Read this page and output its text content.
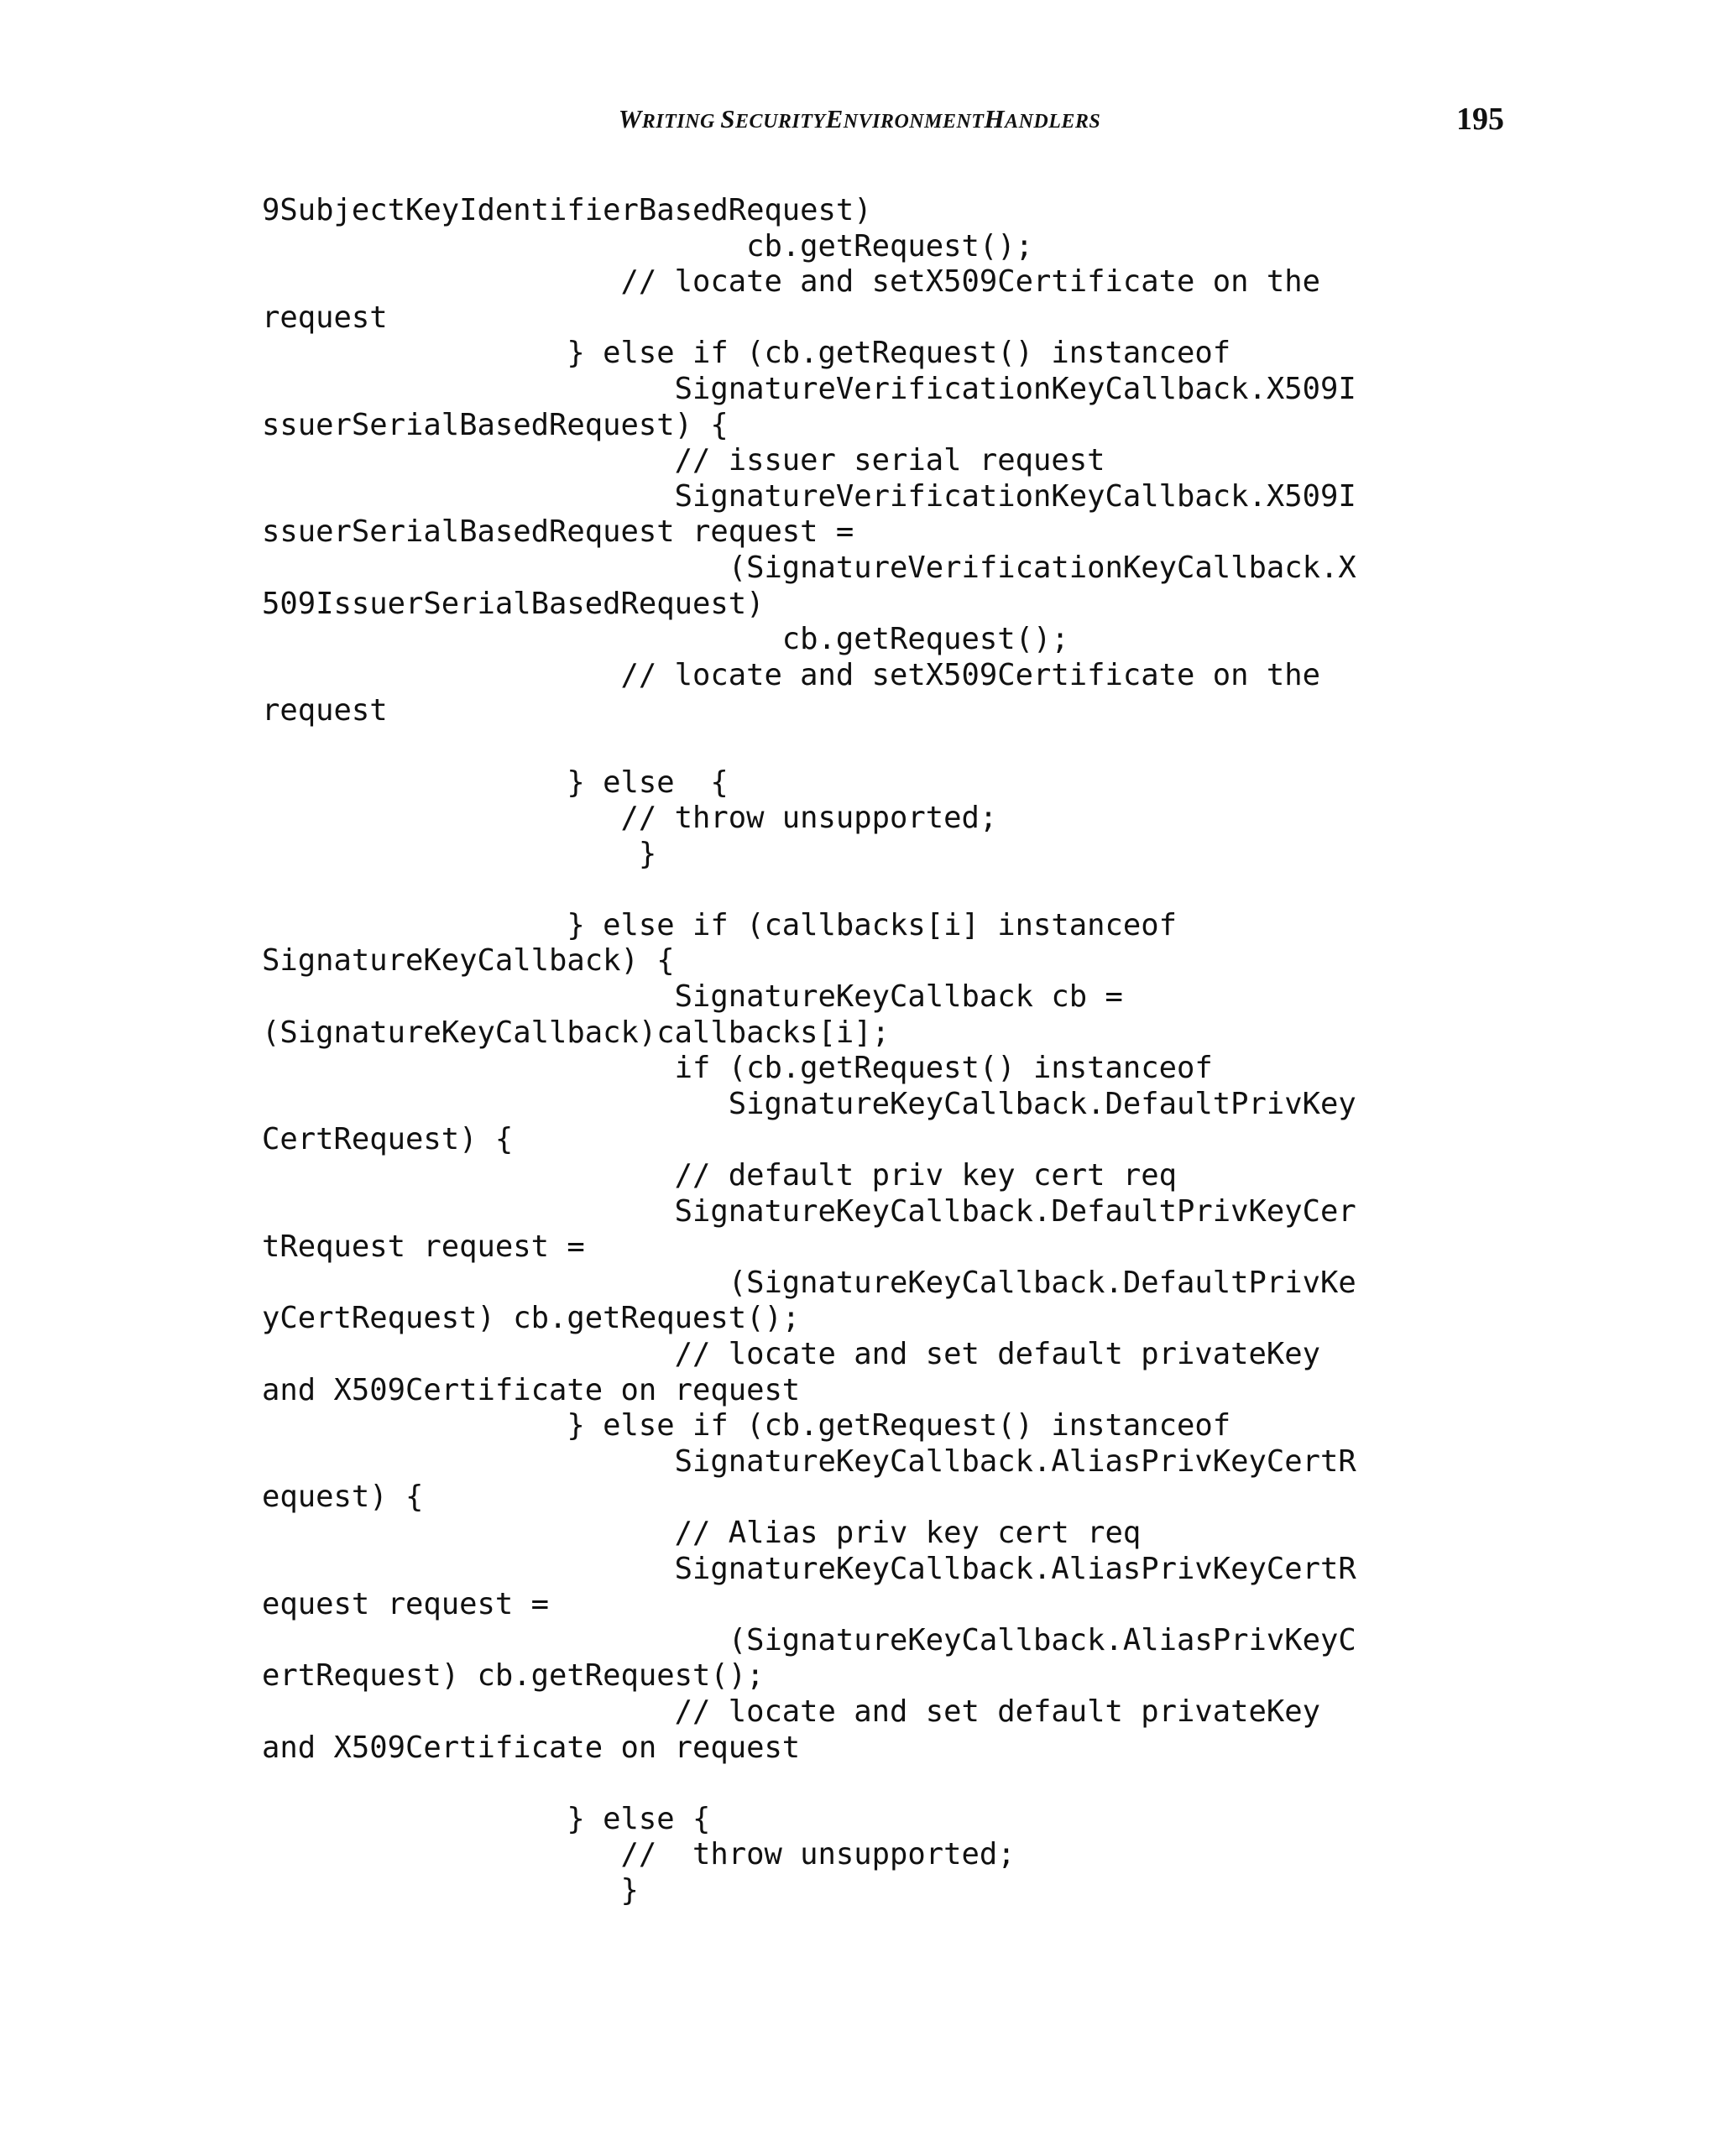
WRITING SECURITYENVIRONMENTHANDLERS	195
9SubjectKeyIdentifierBasedRequest)
cb.getRequest();
// locate and setX509Certificate on the
request
} else if (cb.getRequest() instanceof
SignatureVerificationKeyCallback.X509I
ssuerSerialBasedRequest) {
// issuer serial request
SignatureVerificationKeyCallback.X509I
ssuerSerialBasedRequest request =
(SignatureVerificationKeyCallback.X
509IssuerSerialBasedRequest)
cb.getRequest();
// locate and setX509Certificate on the
request
} else  {
// throw unsupported;
}
} else if (callbacks[i] instanceof
SignatureKeyCallback) {
SignatureKeyCallback cb =
(SignatureKeyCallback)callbacks[i];
if (cb.getRequest() instanceof
SignatureKeyCallback.DefaultPrivKey
CertRequest) {
// default priv key cert req
SignatureKeyCallback.DefaultPrivKeyCer
tRequest request =
(SignatureKeyCallback.DefaultPrivKe
yCertRequest) cb.getRequest();
// locate and set default privateKey
and X509Certificate on request
} else if (cb.getRequest() instanceof
SignatureKeyCallback.AliasPrivKeyCertR
equest) {
// Alias priv key cert req
SignatureKeyCallback.AliasPrivKeyCertR
equest request =
(SignatureKeyCallback.AliasPrivKeyC
ertRequest) cb.getRequest();
// locate and set default privateKey
and X509Certificate on request
} else {
//  throw unsupported;
}
